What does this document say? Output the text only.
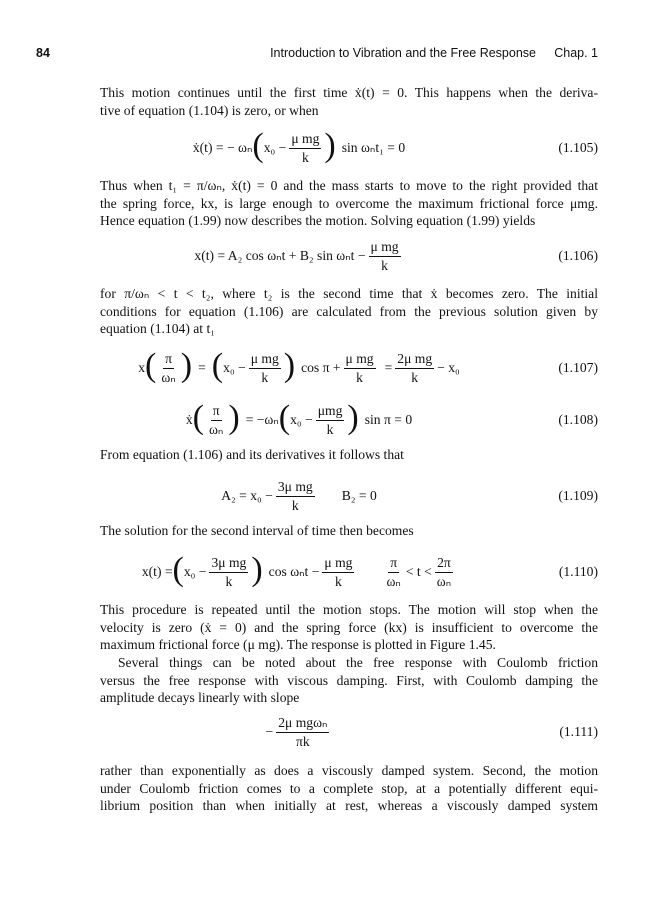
84	Introduction to Vibration and the Free Response Chap. 1

This motion continues until the first time ẋ(t) = 0. This happens when the deriva-
tive of equation (1.104) is zero, or when

ẋ(t) = − ωₙ ( $x_0 - \frac{\text{μ mg}}{k}$ ) sin ωₙt₁ = 0	(1.105)

Thus when t₁ = π/ωₙ, ẋ(t) = 0 and the mass starts to move to the right provided that
the spring force, kx, is large enough to overcome the maximum frictional force μmg.
Hence equation (1.99) now describes the motion. Solving equation (1.99) yields

x(t) = A₂ cos ωₙt + B₂ $\sin \omega_nt - \frac{\text{μ mg}}{k}$	(1.106)

for π/ωₙ < t < t₂, where t₂ is the second time that ẋ becomes zero. The initial
conditions for equation (1.106) are calculated from the previous solution given by
equation (1.104) at t₁

x ( $\frac{\pi}{\text{ωₙ}}$ ) = ( $x_0 - \frac{\text{μ mg}}{k}$ ) $\cos \pi + \frac{\text{μ mg}}{k} = \frac{\text{2μ mg}}{k} - x_0$	(1.107)
ẋ ( $\frac{\pi}{\text{ωₙ}}$ ) = −ωₙ ( x₀ −
μmg
k ) sin π = 0	(1.108)

From equation (1.106) and its derivatives it follows that

$A_2 = x_0 - \frac{\text{3μ mg}}{k} B_2 = 0$	(1.109)

The solution for the second interval of time then becomes

x(t) = ( $x_0 - \frac{\text{3μ mg}}{k}$ ) $\cos \omega_nt - \frac{\text{μ mg}}{k} \frac{\pi}{\text{ωₙ}} < t < \frac{2\pi}{\text{ωₙ}}$	(1.110)

This procedure is repeated until the motion stops. The motion will stop when the
velocity is zero (ẋ = 0) and the spring force (kx) is insufficient to overcome the
maximum frictional force (μ mg). The response is plotted in Figure 1.45.

Several things can be noted about the free response with Coulomb friction
versus the free response with viscous damping. First, with Coulomb damping the
amplitude decays linearly with slope

−
2μ mgωₙ
πk
(1.111)

rather than exponentially as does a viscously damped system. Second, the motion
under Coulomb friction comes to a complete stop, at a potentially different equi-
librium position than when initially at rest, whereas a viscously damped system
